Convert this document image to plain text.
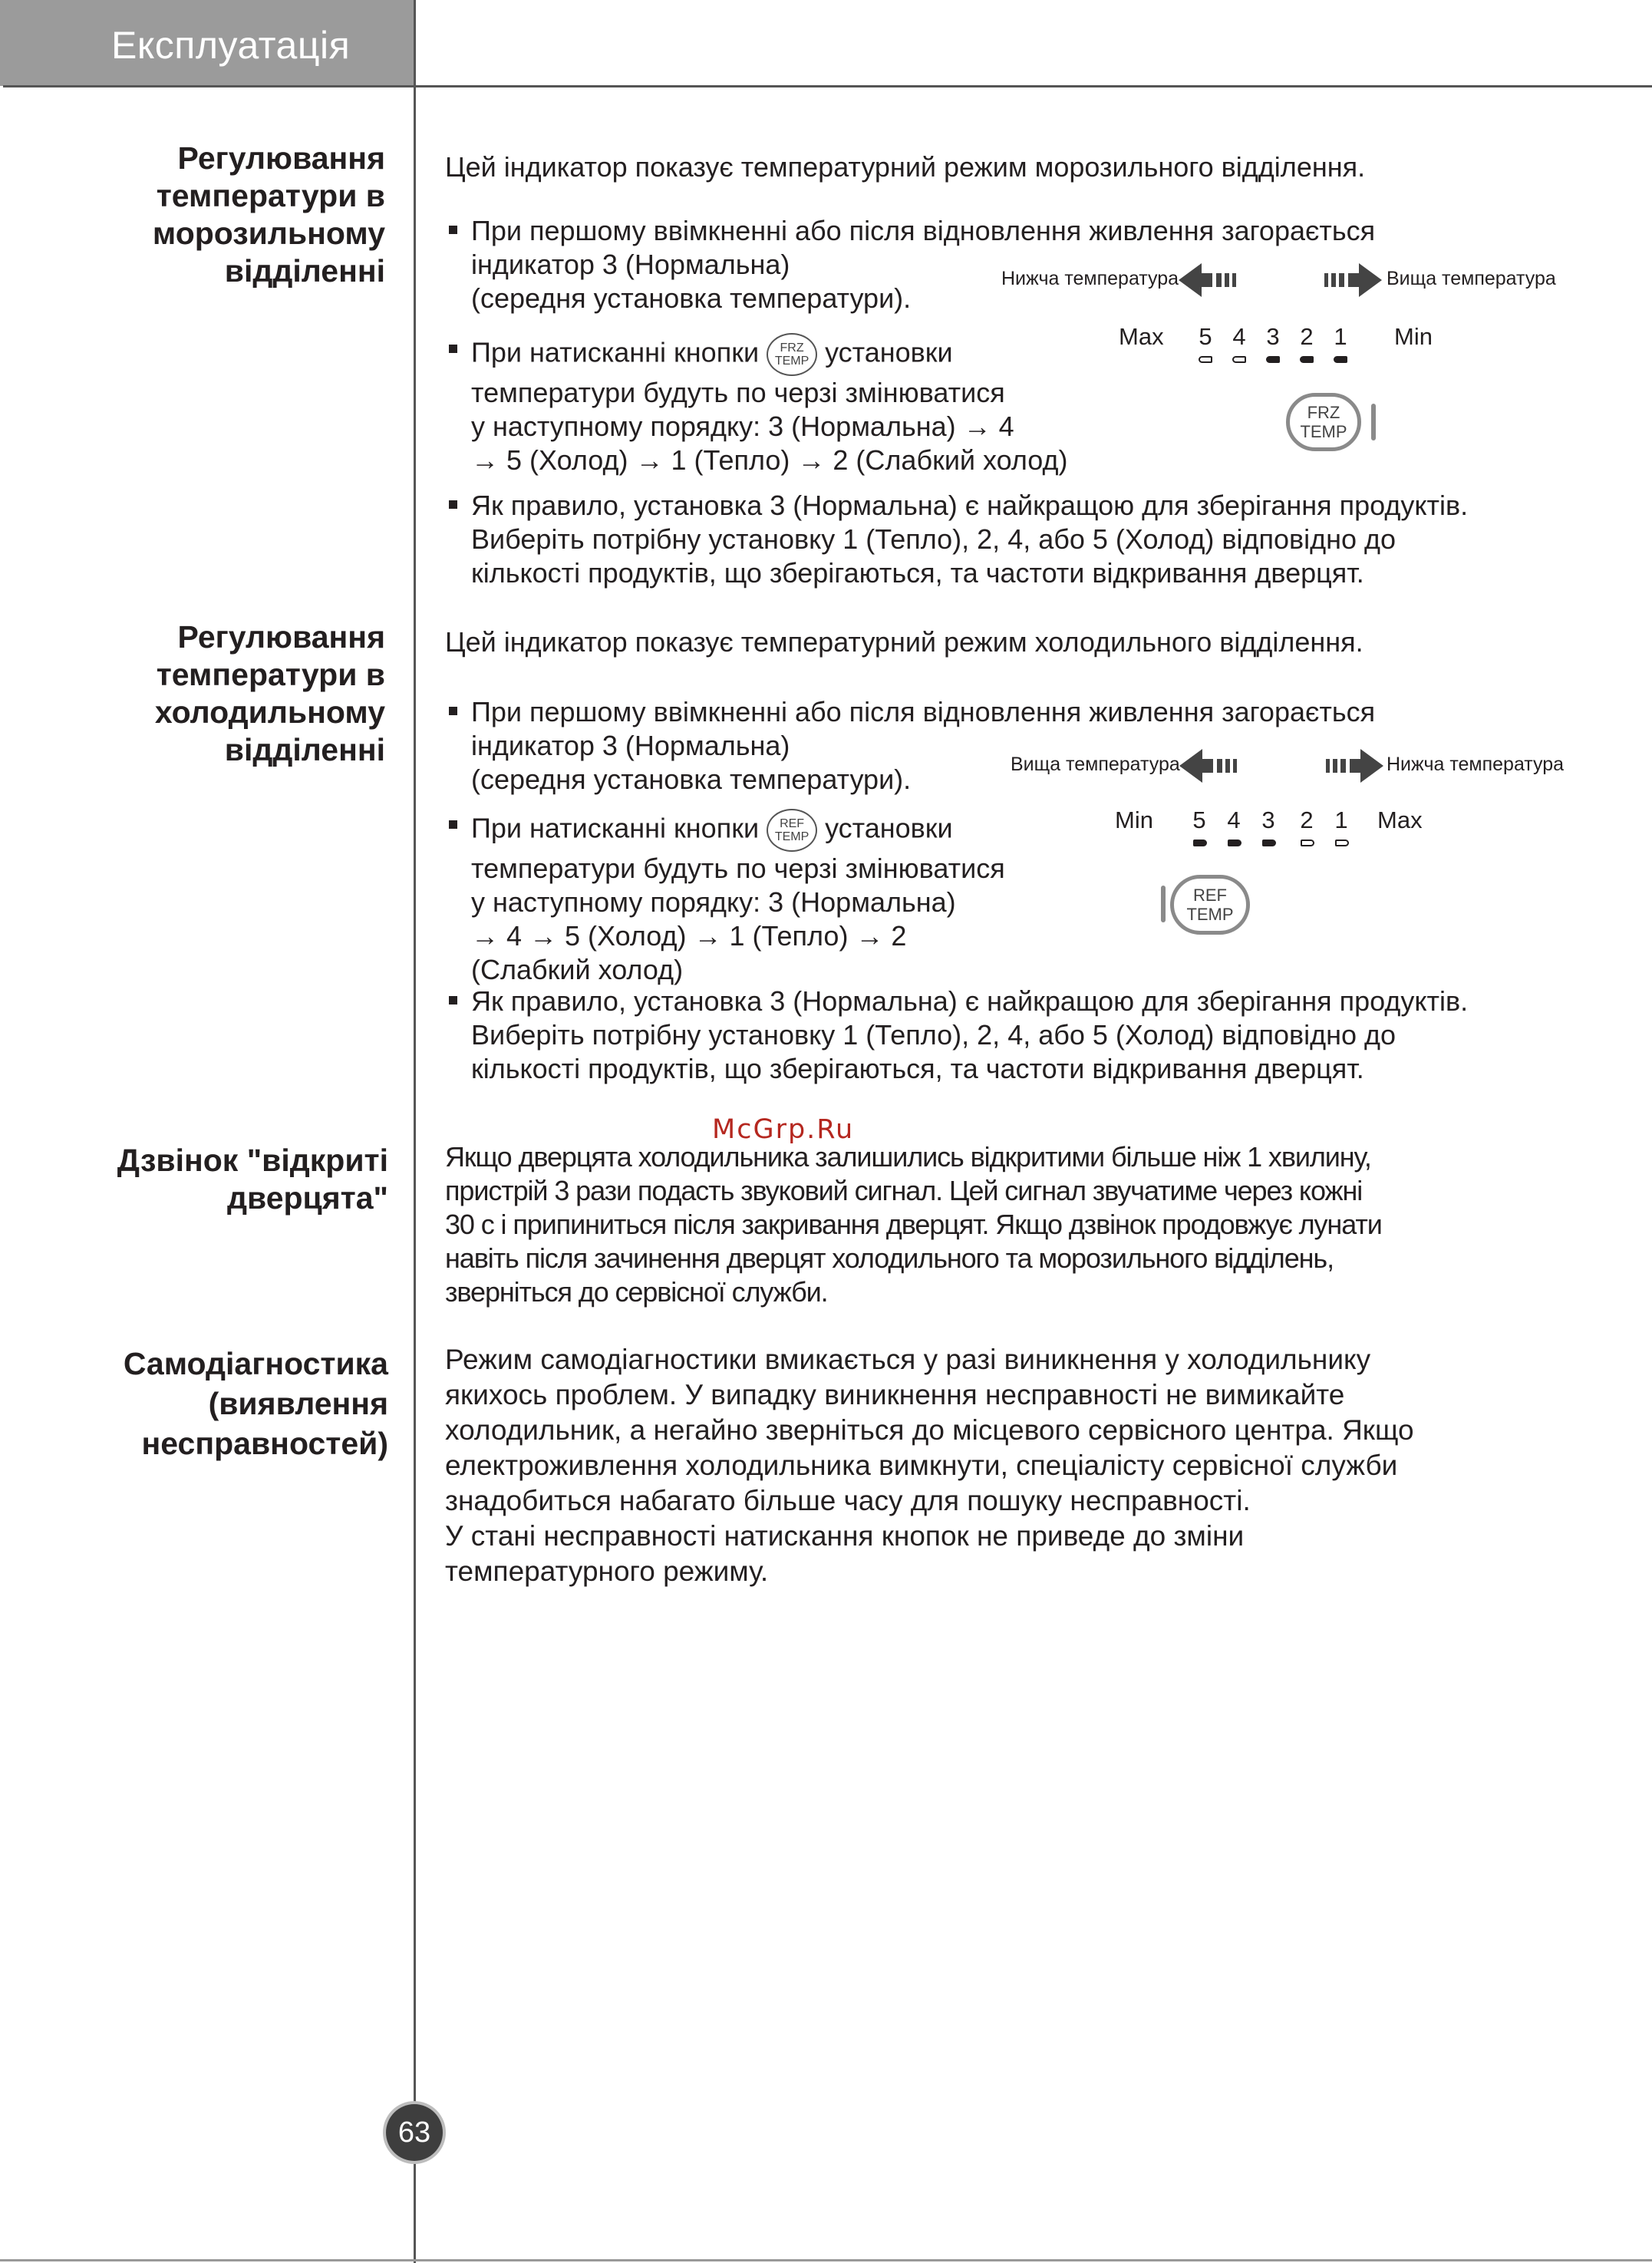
Експлуатація
Регулювання
температури в
морозильному
відділенні
Цей індикатор показує температурний режим морозильного відділення.
При першому ввімкненні або після відновлення живлення загорається
індикатор 3 (Нормальна)
(середня установка температури).
При натисканні кнопки FRZ
TEMP установки
температури будуть по черзі змінюватися
у наступному порядку: 3 (Нормальна) → 4
→ 5 (Холод) → 1 (Тепло) → 2 (Слабкий холод)
Як правило, установка 3 (Нормальна) є найкращою для зберігання продуктів.
Виберіть потрібну установку 1 (Тепло), 2, 4, або 5 (Холод) відповідно до
кількості продуктів, що зберігаються, та частоти відкривання дверцят.
Нижча температура	Вища температура
Max 5 4 3 2 1 Min
FRZ
TEMP
Регулювання
температури в
холодильному
відділенні
Цей індикатор показує температурний режим холодильного відділення.
При першому ввімкненні або після відновлення живлення загорається
індикатор 3 (Нормальна)
(середня установка температури).
При натисканні кнопки REF
TEMP установки
температури будуть по черзі змінюватися
у наступному порядку: 3 (Нормальна)
→ 4 → 5 (Холод) → 1 (Тепло) → 2
(Слабкий холод)
Як правило, установка 3 (Нормальна) є найкращою для зберігання продуктів.
Виберіть потрібну установку 1 (Тепло), 2, 4, або 5 (Холод) відповідно до
кількості продуктів, що зберігаються, та частоти відкривання дверцят.
Вища температура	Нижча температура
Min 5 4 3 2 1 Max
REF
TEMP
McGrp.Ru
Дзвінок "відкриті
дверцята"
Якщо дверцята холодильника залишились відкритими більше ніж 1 хвилину,
пристрій 3 рази подасть звуковий сигнал. Цей сигнал звучатиме через кожні
30 с і припиниться після закривання дверцят. Якщо дзвінок продовжує лунати
навіть після зачинення дверцят холодильного та морозильного відділень,
зверніться до сервісної служби.
Самодіагностика
(виявлення
несправностей)
Режим самодіагностики вмикається у разі виникнення у холодильнику
якихось проблем. У випадку виникнення несправності не вимикайте
холодильник, а негайно зверніться до місцевого сервісного центра. Якщо
електроживлення холодильника вимкнути, спеціалісту сервісної служби
знадобиться набагато більше часу для пошуку несправності.
У стані несправності натискання кнопок не приведе до зміни
температурного режиму.
63
